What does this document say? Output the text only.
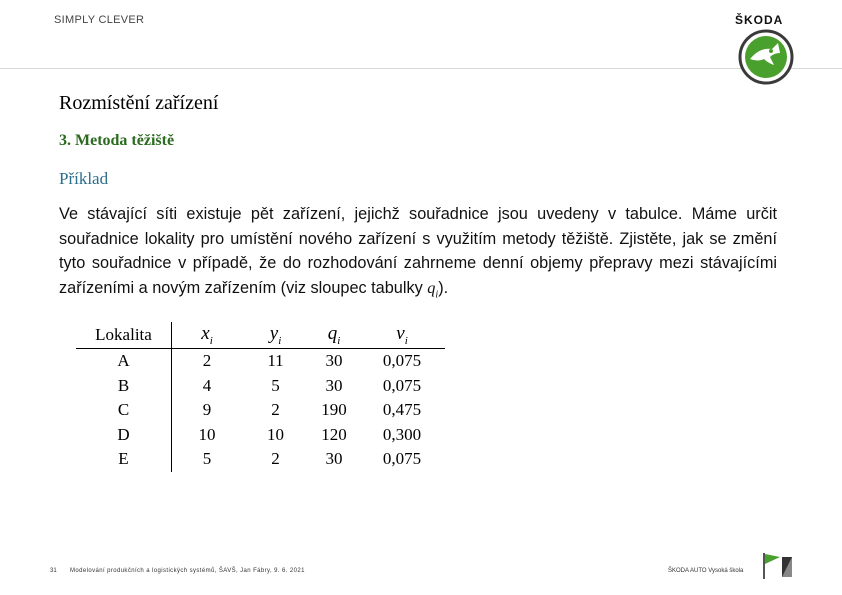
SIMPLY CLEVER	ŠKODA
Rozmístění zařízení
3. Metoda těžiště
Příklad
Ve stávající síti existuje pět zařízení, jejichž souřadnice jsou uvedeny v tabulce. Máme určit souřadnice lokality pro umístění nového zařízení s využitím metody těžiště. Zjistěte, jak se změní tyto souřadnice v případě, že do rozhodování zahrneme denní objemy přepravy mezi stávajícími zařízeními a novým zařízením (viz sloupec tabulky $q_i$).
Lokalita	$x_i$	$y_i$	$q_i$	$v_i$
A	2	11	30	0,075
B	4	5	30	0,075
C	9	2	190	0,475
D	10	10	120	0,300
E	5	2	30	0,075
31 Modelování produkčních a logistických systémů, ŠAVŠ, Jan Fábry, 9. 6. 2021	ŠKODA AUTO Vysoká škola
